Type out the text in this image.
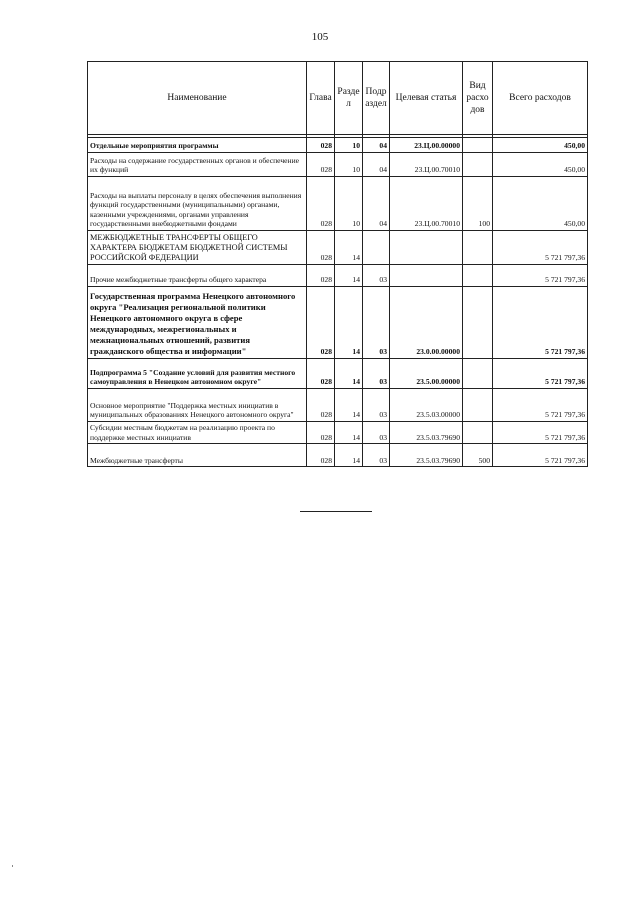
105
Наименование	Глава	Разде л	Подр аздел	Целевая статья	Вид расхо дов	Всего расходов

Отдельные мероприятия программы	028	10	04	23.Ц.00.00000		450,00
Расходы на содержание государственных органов и обеспечение их функций	028	10	04	23.Ц.00.70010		450,00
Расходы на выплаты персоналу в целях обеспечения выполнения функций государственными (муниципальными) органами, казенными учреждениями, органами управления государственными внебюджетными фондами	028	10	04	23.Ц.00.70010	100	450,00
МЕЖБЮДЖЕТНЫЕ ТРАНСФЕРТЫ ОБЩЕГО ХАРАКТЕРА БЮДЖЕТАМ БЮДЖЕТНОЙ СИСТЕМЫ РОССИЙСКОЙ ФЕДЕРАЦИИ	028	14				5 721 797,36
Прочие межбюджетные трансферты общего характера	028	14	03			5 721 797,36
Государственная программа Ненецкого автономного округа "Реализация региональной политики Ненецкого автономного округа в сфере международных, межрегиональных и межнациональных отношений, развития гражданского общества и информации"	028	14	03	23.0.00.00000		5 721 797,36
Подпрограмма 5 "Создание условий для развития местного самоуправления в Ненецком автономном округе"	028	14	03	23.5.00.00000		5 721 797,36
Основное мероприятие "Поддержка местных инициатив в муниципальных образованиях Ненецкого автономного округа"	028	14	03	23.5.03.00000		5 721 797,36
Субсидии местным бюджетам на реализацию проекта по поддержке местных инициатив	028	14	03	23.5.03.79690		5 721 797,36
Межбюджетные трансферты	028	14	03	23.5.03.79690	500	5 721 797,36
